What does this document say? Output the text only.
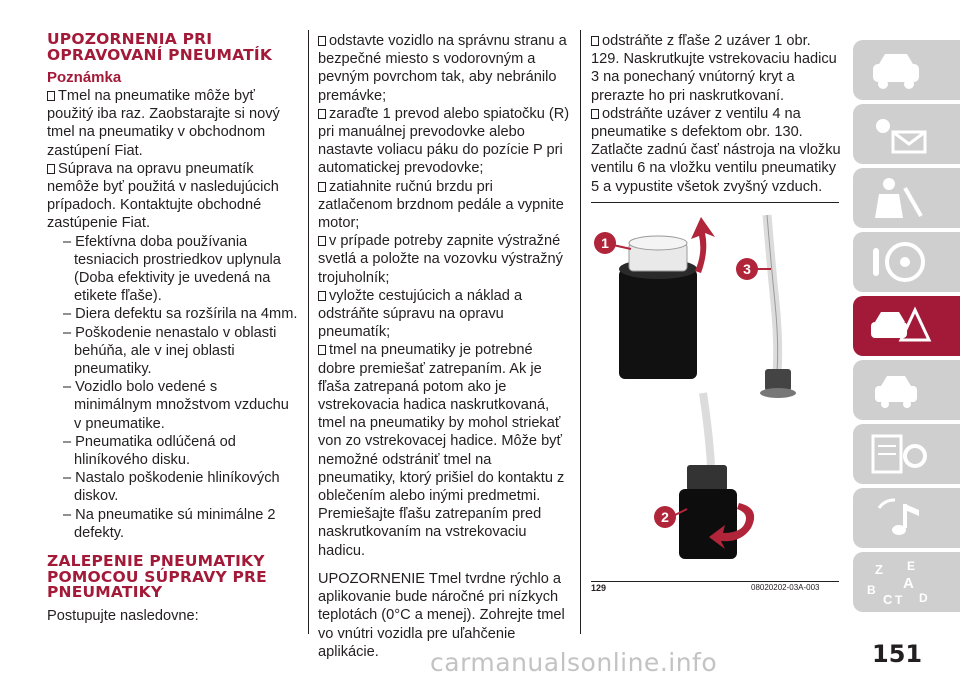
UPOZORNENIA PRI OPRAVOVANÍ PNEUMATÍK
Poznámka

Tmel na pneumatike môže byť použitý iba raz. Zaobstarajte si nový tmel na pneumatiky v obchodnom zastúpení Fiat.

Súprava na opravu pneumatík nemôže byť použitá v nasledujúcich prípadoch. Kontaktujte obchodné zastúpenie Fiat.

– Efektívna doba používania tesniacich prostriedkov uplynula (Doba efektivity je uvedená na etikete fľaše).
– Diera defektu sa rozšírila na 4mm.
– Poškodenie nenastalo v oblasti behúňa, ale v inej oblasti pneumatiky.
– Vozidlo bolo vedené s minimálnym množstvom vzduchu v pneumatike.
– Pneumatika odlúčená od hliníkového disku.
– Nastalo poškodenie hliníkových diskov.
– Na pneumatike sú minimálne 2 defekty.
ZALEPENIE PNEUMATIKY POMOCOU SÚPRAVY PRE PNEUMATIKY

Postupujte nasledovne:

odstavte vozidlo na správnu stranu a bezpečné miesto s vodorovným a pevným povrchom tak, aby nebránilo premávke;

zaraďte 1 prevod alebo spiatočku (R) pri manuálnej prevodovke alebo nastavte voliacu páku do pozície P pri automatickej prevodovke;

zatiahnite ručnú brzdu pri zatlačenom brzdnom pedále a vypnite motor;

v prípade potreby zapnite výstražné svetlá a položte na vozovku výstražný trojuholník;

vyložte cestujúcich a náklad a odstráňte súpravu na opravu pneumatík;

tmel na pneumatiky je potrebné dobre premiešať zatrepaním. Ak je fľaša zatrepaná potom ako je vstrekovacia hadica naskrutkovaná, tmel na pneumatiky by mohol striekať von zo vstrekovacej hadice. Môže byť nemožné odstrániť tmel na pneumatiky, ktorý prišiel do kontaktu z oblečením alebo inými predmetmi. Premiešajte fľašu zatrepaním pred naskrutkovaním na vstrekovaciu hadicu.

UPOZORNENIE Tmel tvrdne rýchlo a aplikovanie bude náročné pri nízkych teplotách (0°C a menej). Zohrejte tmel vo vnútri vozidla pre uľahčenie aplikácie.

odstráňte z fľaše 2 uzáver 1 obr. 129. Naskrutkujte vstrekovaciu hadicu 3 na ponechaný vnútorný kryt a prerazte ho pri naskrutkovaní.

odstráňte uzáver z ventilu 4 na pneumatike s defektom obr. 130. Zatlačte zadnú časť nástroja na vložku ventilu 6 na vložku ventilu pneumatiky 5 a vypustite všetok zvyšný vzduch.

1
3
2
129	08020202-03A-003
Z E
A
B
C T D
151
carmanualsonline.info
